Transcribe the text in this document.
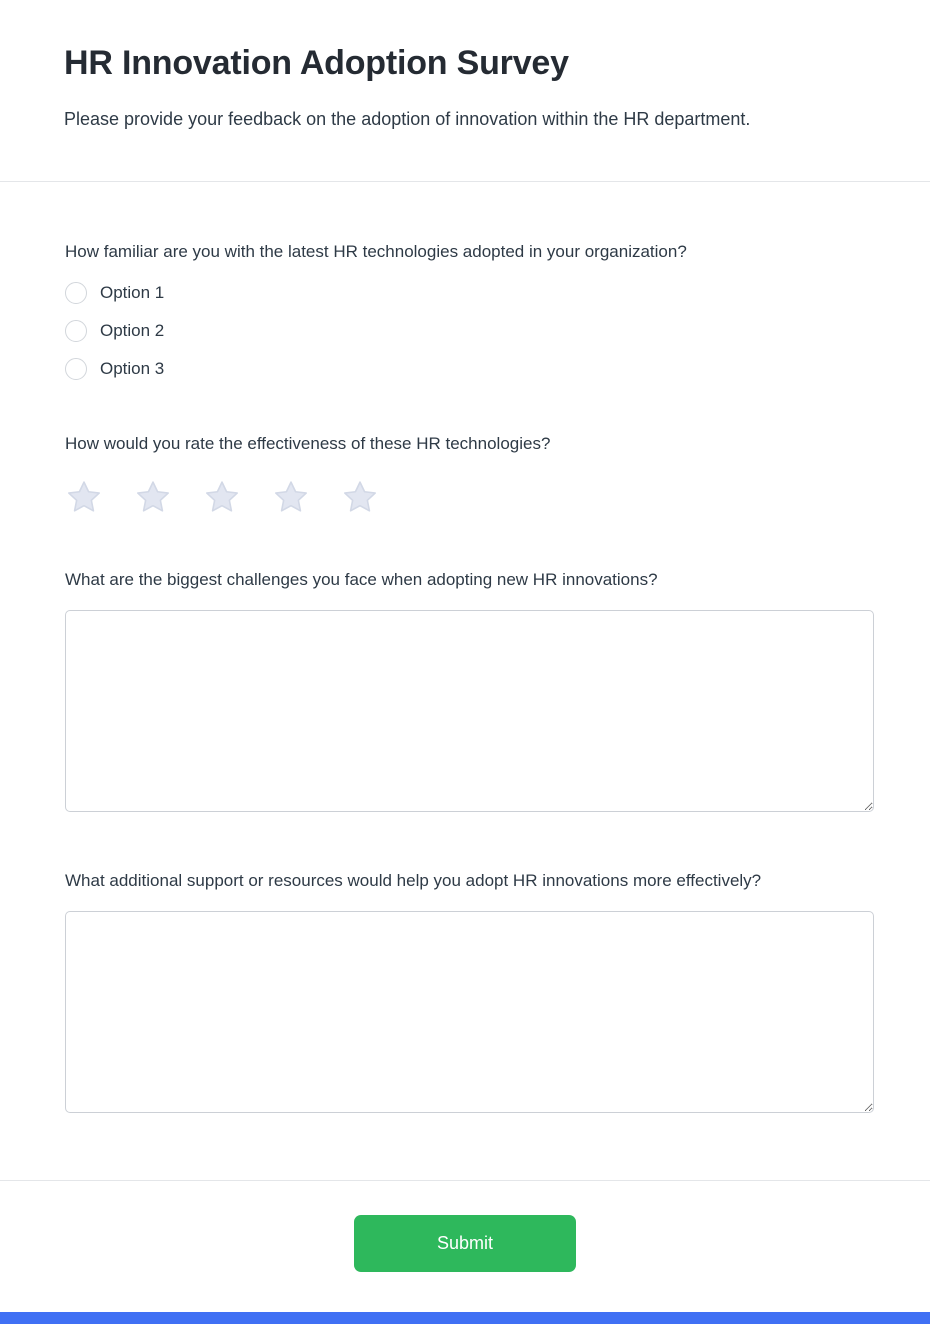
HR Innovation Adoption Survey
Please provide your feedback on the adoption of innovation within the HR department.
How familiar are you with the latest HR technologies adopted in your organization?
Option 1
Option 2
Option 3
How would you rate the effectiveness of these HR technologies?
What are the biggest challenges you face when adopting new HR innovations?
What additional support or resources would help you adopt HR innovations more effectively?
Submit
